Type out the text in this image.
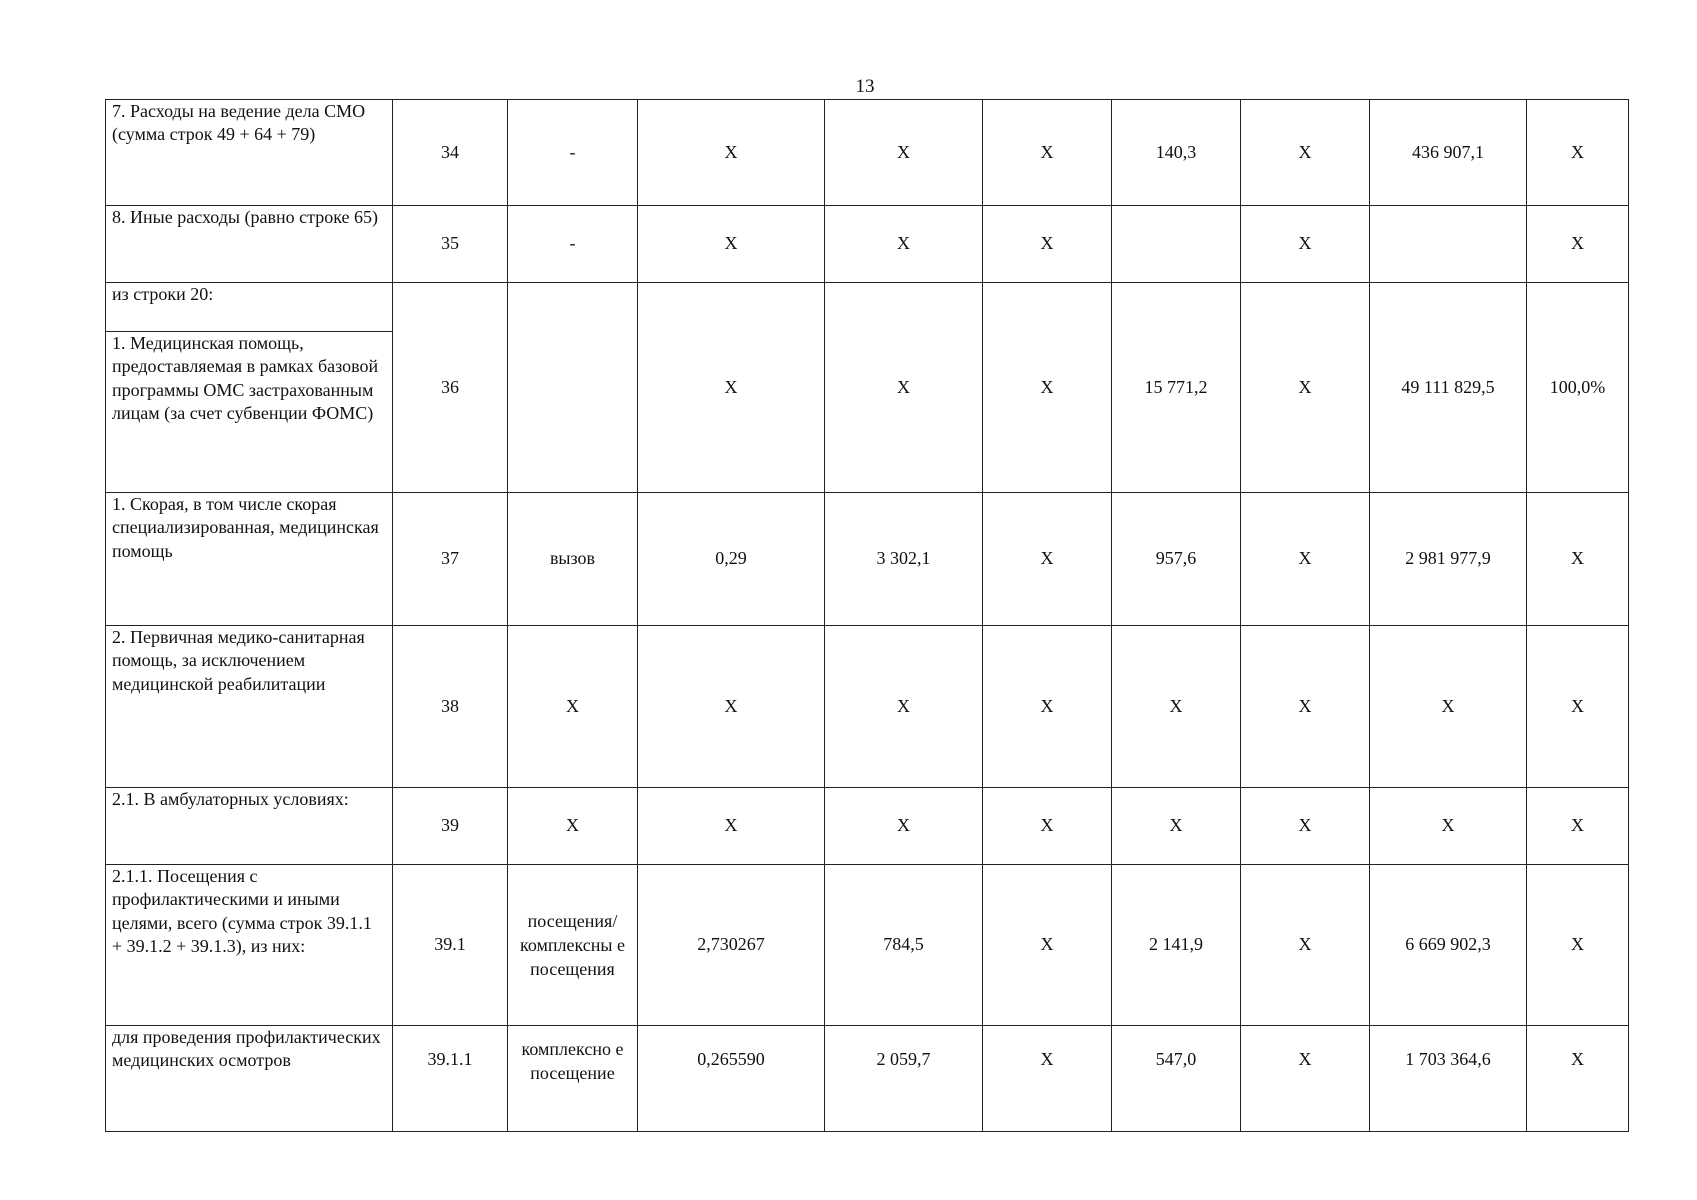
13
7. Расходы на ведение дела СМО (сумма строк 49 + 64 + 79)	34	-	X	X	X	140,3	X	436 907,1	X
8. Иные расходы (равно строке 65)	35	-	X	X	X		X		X
из строки 20:	36		X	X	X	15 771,2	X	49 111 829,5	100,0%
1. Медицинская помощь, предоставляемая в рамках базовой программы ОМС застрахованным лицам (за счет субвенции ФОМС)									
1. Скорая, в том числе скорая специализированная, медицинская помощь	37	вызов	0,29	3 302,1	X	957,6	X	2 981 977,9	X
2. Первичная медико-санитарная помощь, за исключением медицинской реабилитации	38	X	X	X	X	X	X	X	X
2.1. В амбулаторных условиях:	39	X	X	X	X	X	X	X	X
2.1.1. Посещения с профилактическими и иными целями, всего (сумма строк 39.1.1 + 39.1.2 + 39.1.3), из них:	39.1	посещения/ комплексны е посещения	2,730267	784,5	X	2 141,9	X	6 669 902,3	X
для проведения профилактических медицинских осмотров	39.1.1	комплексно е посещение	0,265590	2 059,7	X	547,0	X	1 703 364,6	X
